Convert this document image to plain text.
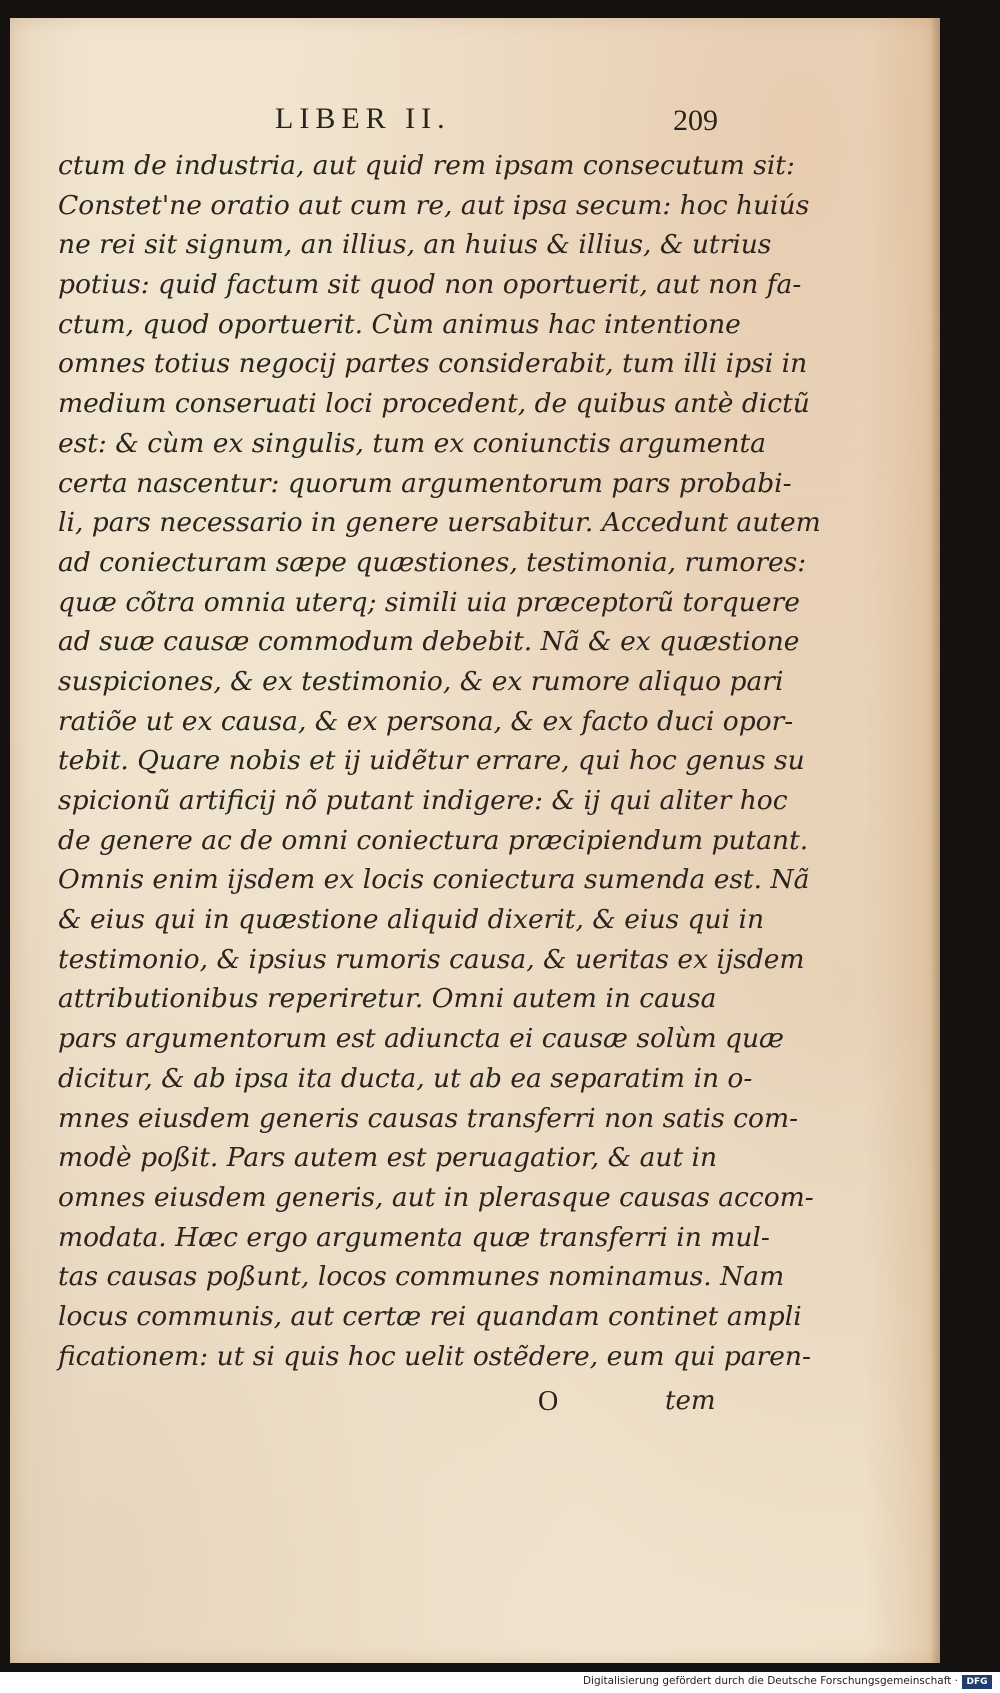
LIBER II.	209
ctum de industria, aut quid rem ipsam consecutum sit:
Constet'ne oratio aut cum re, aut ipsa secum: hoc huiús
ne rei sit signum, an illius, an huius & illius, & utrius
potius: quid factum sit quod non oportuerit, aut non fa-
ctum, quod oportuerit. Cùm animus hac intentione
omnes totius negocij partes considerabit, tum illi ipsi in
medium conseruati loci procedent, de quibus antè dictũ
est: & cùm ex singulis, tum ex coniunctis argumenta
certa nascentur: quorum argumentorum pars probabi-
li, pars necessario in genere uersabitur. Accedunt autem
ad coniecturam sæpe quæstiones, testimonia, rumores:
quæ cõtra omnia uterq; simili uia præceptorũ torquere
ad suæ causæ commodum debebit. Nã & ex quæstione
suspiciones, & ex testimonio, & ex rumore aliquo pari
ratiõe ut ex causa, & ex persona, & ex facto duci opor-
tebit. Quare nobis et ij uidẽtur errare, qui hoc genus su
spicionũ artificij nõ putant indigere: & ij qui aliter hoc
de genere ac de omni coniectura præcipiendum putant.
Omnis enim ijsdem ex locis coniectura sumenda est. Nã
& eius qui in quæstione aliquid dixerit, & eius qui in
testimonio, & ipsius rumoris causa, & ueritas ex ijsdem
attributionibus reperiretur. Omni autem in causa
pars argumentorum est adiuncta ei causæ solùm quæ
dicitur, & ab ipsa ita ducta, ut ab ea separatim in o-
mnes eiusdem generis causas transferri non satis com-
modè poßit. Pars autem est peruagatior, & aut in
omnes eiusdem generis, aut in plerasque causas accom-
modata. Hæc ergo argumenta quæ transferri in mul-
tas causas poßunt, locos communes nominamus. Nam
locus communis, aut certæ rei quandam continet ampli
ficationem: ut si quis hoc uelit ostẽdere, eum qui paren-
O	tem
Digitalisierung gefördert durch die Deutsche Forschungsgemeinschaft · DFG
